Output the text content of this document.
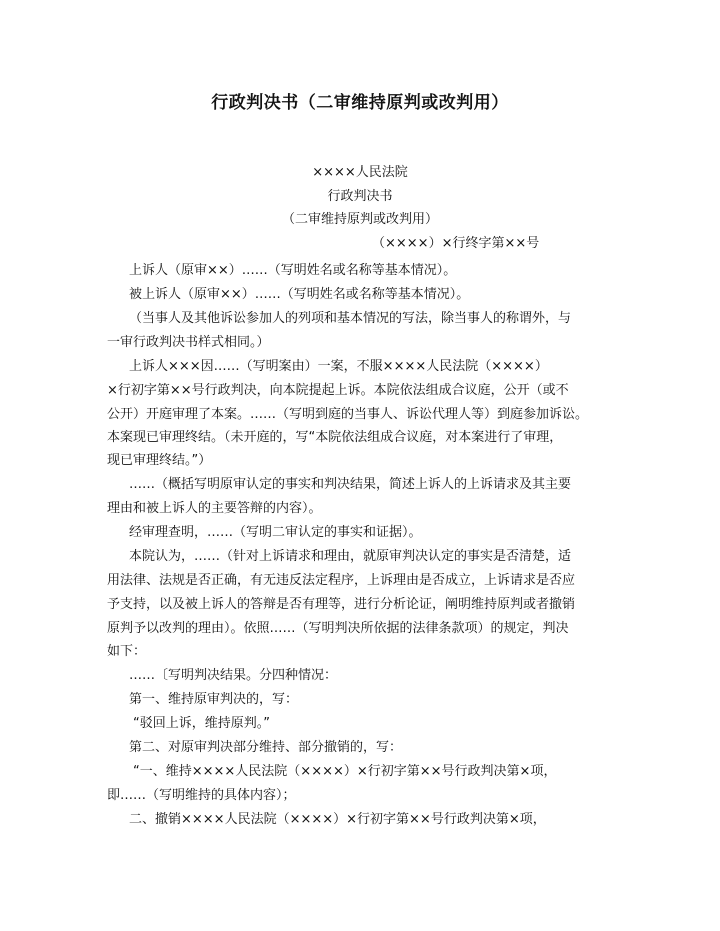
行政判决书（二审维持原判或改判用）
××××人民法院
行政判决书
（二审维持原判或改判用）
（××××）×行终字第××号
上诉人（原审××）……（写明姓名或名称等基本情况）。
被上诉人（原审××）……（写明姓名或名称等基本情况）。
（当事人及其他诉讼参加人的列项和基本情况的写法，除当事人的称谓外，与
一审行政判决书样式相同。）
上诉人×××因……（写明案由）一案，不服××××人民法院（××××）
×行初字第××号行政判决，向本院提起上诉。本院依法组成合议庭，公开（或不
公开）开庭审理了本案。……（写明到庭的当事人、诉讼代理人等）到庭参加诉讼。
本案现已审理终结。（未开庭的，写“本院依法组成合议庭，对本案进行了审理，
现已审理终结。”）
……（概括写明原审认定的事实和判决结果，简述上诉人的上诉请求及其主要
理由和被上诉人的主要答辩的内容）。
经审理查明，……（写明二审认定的事实和证据）。
本院认为，……（针对上诉请求和理由，就原审判决认定的事实是否清楚，适
用法律、法规是否正确，有无违反法定程序，上诉理由是否成立，上诉请求是否应
予支持，以及被上诉人的答辩是否有理等，进行分析论证，阐明维持原判或者撤销
原判予以改判的理由）。依照……（写明判决所依据的法律条款项）的规定，判决
如下：
……〔写明判决结果。分四种情况：
第一、维持原审判决的，写：
“驳回上诉，维持原判。”
第二、对原审判决部分维持、部分撤销的，写：
“一、维持××××人民法院（××××）×行初字第××号行政判决第×项，
即……（写明维持的具体内容）；
二、撤销××××人民法院（××××）×行初字第××号行政判决第×项，
